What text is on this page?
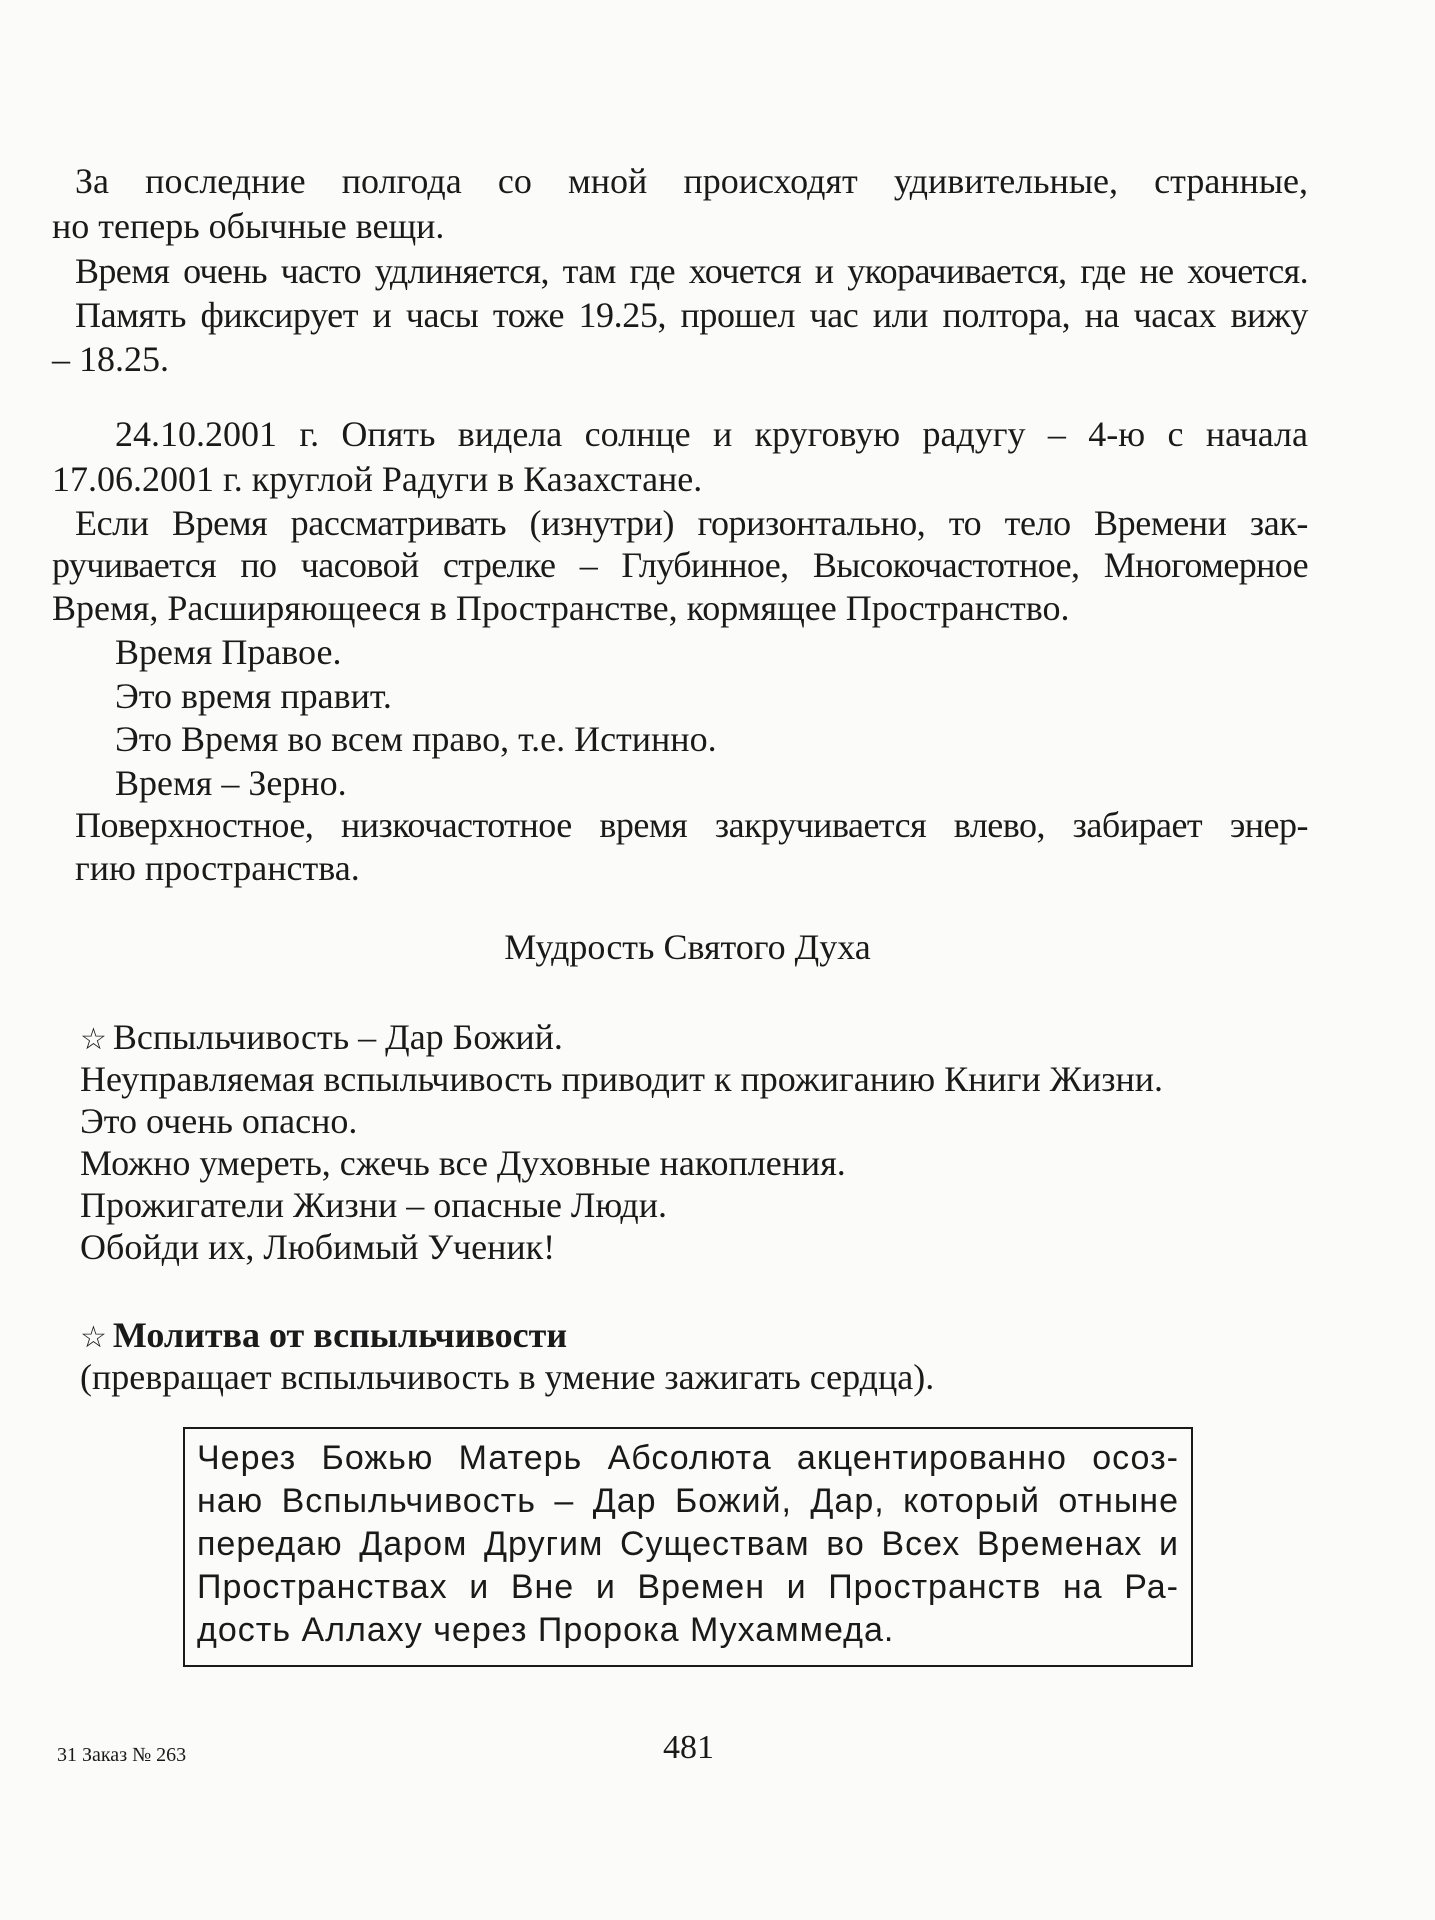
За последние полгода со мной происходят удивительные, странные,

но теперь обычные вещи.

Время очень часто удлиняется, там где хочется и укорачивается, где не хочется.

Память фиксирует и часы тоже 19.25, прошел час или полтора, на часах вижу

– 18.25.

24.10.2001 г. Опять видела солнце и круговую радугу – 4-ю с начала

17.06.2001 г. круглой Радуги в Казахстане.

Если Время рассматривать (изнутри) горизонтально, то тело Времени зак-

ручивается по часовой стрелке – Глубинное, Высокочастотное, Многомерное

Время, Расширяющееся в Пространстве, кормящее Пространство.

Время Правое.

Это время правит.

Это Время во всем право, т.е. Истинно.

Время – Зерно.

Поверхностное, низкочастотное время закручивается влево, забирает энер-

гию пространства.

Мудрость Святого Духа

☆ Вспыльчивость – Дар Божий.

Неуправляемая вспыльчивость приводит к прожиганию Книги Жизни.

Это очень опасно.

Можно умереть, сжечь все Духовные накопления.

Прожигатели Жизни – опасные Люди.

Обойди их, Любимый Ученик!

☆ Молитва от вспыльчивости

(превращает вспыльчивость в умение зажигать сердца).

Через Божью Матерь Абсолюта акцентированно осоз-

наю Вспыльчивость – Дар Божий, Дар, который отныне

передаю Даром Другим Существам во Всех Временах и

Пространствах и Вне и Времен и Пространств на Ра-

дость Аллаху через Пророка Мухаммеда.

31 Заказ № 263	481
